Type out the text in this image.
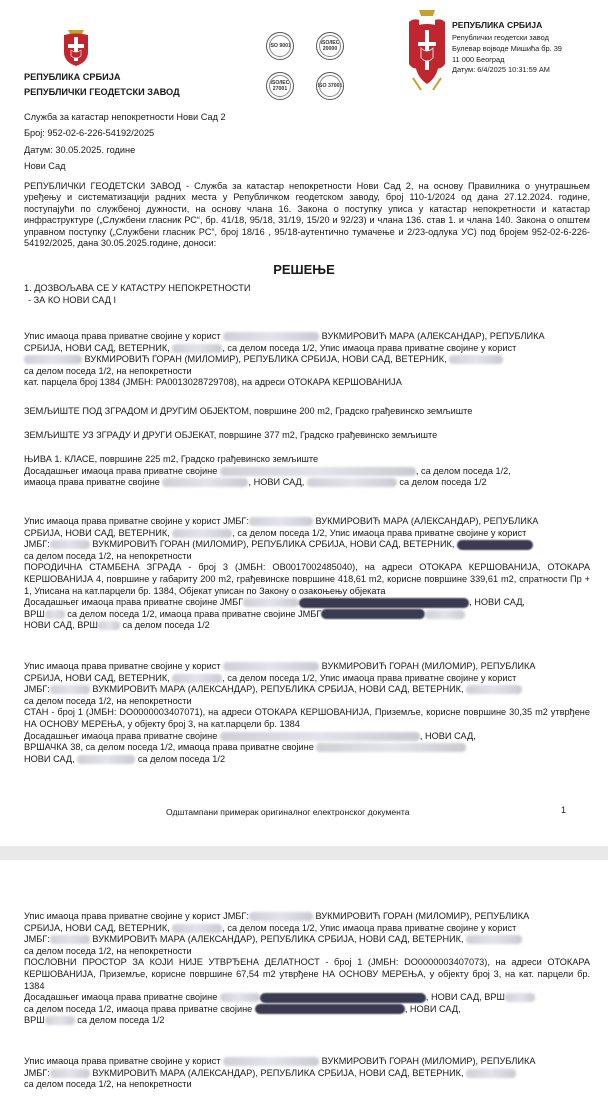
РЕПУБЛИКА СРБИЈА
РЕПУБЛИЧКИ ГЕОДЕТСКИ ЗАВОД
ISO 9001	ISO/IEC 20000
ISO/IEC 27001	ISO 37001
РЕПУБЛИКА СРБИЈА
Републички геодетски завод
Булевар војводе Мишића бр. 39
11 000 Београд
Датум: 6/4/2025 10:31:59 AM
Служба за катастар непокретности Нови Сад 2
Број: 952-02-6-226-54192/2025
Датум: 30.05.2025. године
Нови Сад
РЕПУБЛИЧКИ ГЕОДЕТСКИ ЗАВОД - Служба за катастар непокретности Нови Сад 2, на основу Правилника о унутрашњем уређењу и систематизацији радних места у Републичком геодетском заводу, број 110-1/2024 од дана 27.12.2024. године, поступајући по службеној дужности, на основу члана 16. Закона о поступку уписа у катастар непокретности и катастар инфраструктуре („Службени гласник РС“, бр. 41/18, 95/18, 31/19, 15/20 и 92/23) и члана 136. став 1. и члана 140. Закона о општем управном поступку („Службени гласник РС“, број 18/16 , 95/18-аутентично тумачење и 2/23-одлука УС) под бројем 952-02-6-226-54192/2025, дана 30.05.2025.године, доноси:
РЕШЕЊЕ
1. ДОЗВОЉАВА СЕ У КАТАСТРУ НЕПОКРЕТНОСТИ
- ЗА КО НОВИ САД I
Упис имаоца права приватне својине у корист	ВУКМИРОВИЋ МАРА (АЛЕКСАНДАР), РЕПУБЛИКА
СРБИЈА, НОВИ САД, ВЕТЕРНИК,	, са делом поседа 1/2, Упис имаоца права приватне својине у корист
ВУКМИРОВИЋ ГОРАН (МИЛОМИР), РЕПУБЛИКА СРБИЈА, НОВИ САД, ВЕТЕРНИК,
са делом поседа 1/2, на непокретности
кат. парцела број 1384 (ЈМБН: PA0013028729708), на адреси ОТОКАРА КЕРШОВАНИЈА
ЗЕМЉИШТЕ ПОД ЗГРАДОМ И ДРУГИМ ОБЈЕКТОМ, површине 200 m2, Градско грађевинско земљиште
ЗЕМЉИШТЕ УЗ ЗГРАДУ И ДРУГИ ОБЈЕКАТ, површине 377 m2, Градско грађевинско земљиште
ЊИВА 1. КЛАСЕ, површине 225 m2, Градско грађевинско земљиште
Досадашњег имаоца права приватне својине	, са делом поседа 1/2,
имаоца права приватне својине	, НОВИ САД,	са делом поседа 1/2
Упис имаоца права приватне својине у корист ЈМБГ:	ВУКМИРОВИЋ МАРА (АЛЕКСАНДАР), РЕПУБЛИКА
СРБИЈА, НОВИ САД, ВЕТЕРНИК,	, са делом поседа 1/2, Упис имаоца права приватне својине у корист
ЈМБГ:	ВУКМИРОВИЋ ГОРАН (МИЛОМИР), РЕПУБЛИКА СРБИЈА, НОВИ САД, ВЕТЕРНИК,
са делом поседа 1/2, на непокретности
ПОРОДИЧНА СТАМБЕНА ЗГРАДА - број 3 (ЈМБН: OB0017002485040), на адреси ОТОКАРА КЕРШОВАНИЈА, ОТОКАРА КЕРШОВАНИЈА 4, површине у габариту 200 m2, грађевинске површине 418,61 m2, корисне површине 339,61 m2, спратности Пр + 1, Уписана на кат.парцели бр. 1384, Објекат уписан по Закону о озакоњењу објеката
Досадашњег имаоца права приватне својине ЈМБГ	, НОВИ САД,
ВРШ са делом поседа 1/2, имаоца права приватне својине ЈМБГ
НОВИ САД, ВРШ са делом поседа 1/2
Упис имаоца права приватне својине у корист	ВУКМИРОВИЋ ГОРАН (МИЛОМИР), РЕПУБЛИКА
СРБИЈА, НОВИ САД, ВЕТЕРНИК,	, са делом поседа 1/2, Упис имаоца права приватне својине у корист
ЈМБГ:	ВУКМИРОВИЋ МАРА (АЛЕКСАНДАР), РЕПУБЛИКА СРБИЈА, НОВИ САД, ВЕТЕРНИК,
са делом поседа 1/2, на непокретности
СТАН - број 1 (ЈМБН: DO0000003407071), на адреси ОТОКАРА КЕРШОВАНИЈА, Приземље, корисне површине 30,35 m2 утврђене НА ОСНОВУ МЕРЕЊА, у објекту број 3, на кат.парцели бр. 1384
Досадашњег имаоца права приватне својине	, НОВИ САД,
ВРШАЧКА 38, са делом поседа 1/2, имаоца права приватне својине
НОВИ САД,	са делом поседа 1/2
Одштампани примерак оригиналног електронског документа	1
Упис имаоца права приватне својине у корист ЈМБГ:	ВУКМИРОВИЋ ГОРАН (МИЛОМИР), РЕПУБЛИКА
СРБИЈА, НОВИ САД, ВЕТЕРНИК,	, са делом поседа 1/2, Упис имаоца права приватне својине у корист
ЈМБГ:	ВУКМИРОВИЋ МАРА (АЛЕКСАНДАР), РЕПУБЛИКА СРБИЈА, НОВИ САД, ВЕТЕРНИК,
са делом поседа 1/2, на непокретности
ПОСЛОВНИ ПРОСТОР ЗА КОЈИ НИЈЕ УТВРЂЕНА ДЕЛАТНОСТ - број 1 (ЈМБН: DO0000003407073), на адреси ОТОКАРА КЕРШОВАНИЈА, Приземље, корисне површине 67,54 m2 утврђене НА ОСНОВУ МЕРЕЊА, у објекту број 3, на кат. парцели бр. 1384
Досадашњег имаоца права приватне својине	, НОВИ САД, ВРШ
са делом поседа 1/2, имаоца права приватне својине	, НОВИ САД,
ВРШ	са делом поседа 1/2
Упис имаоца права приватне својине у корист	ВУКМИРОВИЋ ГОРАН (МИЛОМИР), РЕПУБЛИКА
ЈМБГ:	ВУКМИРОВИЋ МАРА (АЛЕКСАНДАР), РЕПУБЛИКА СРБИЈА, НОВИ САД, ВЕТЕРНИК,
са делом поседа 1/2, на непокретности
